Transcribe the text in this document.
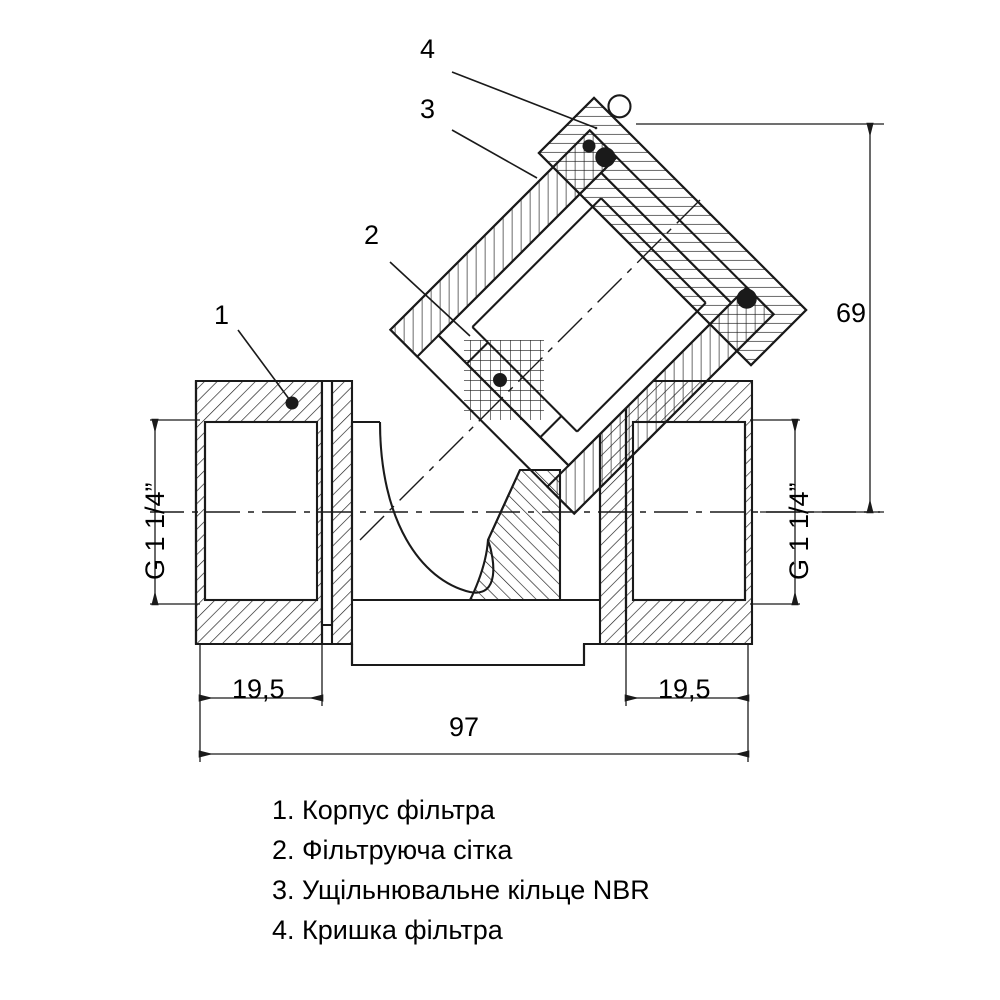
4
3
2
1	69
G 1 1/4”	G 1 1/4”
19,5	19,5
97
1. Корпус фільтра
2. Фільтруюча сітка
3. Ущільнювальне кільце NBR
4. Кришка фільтра
